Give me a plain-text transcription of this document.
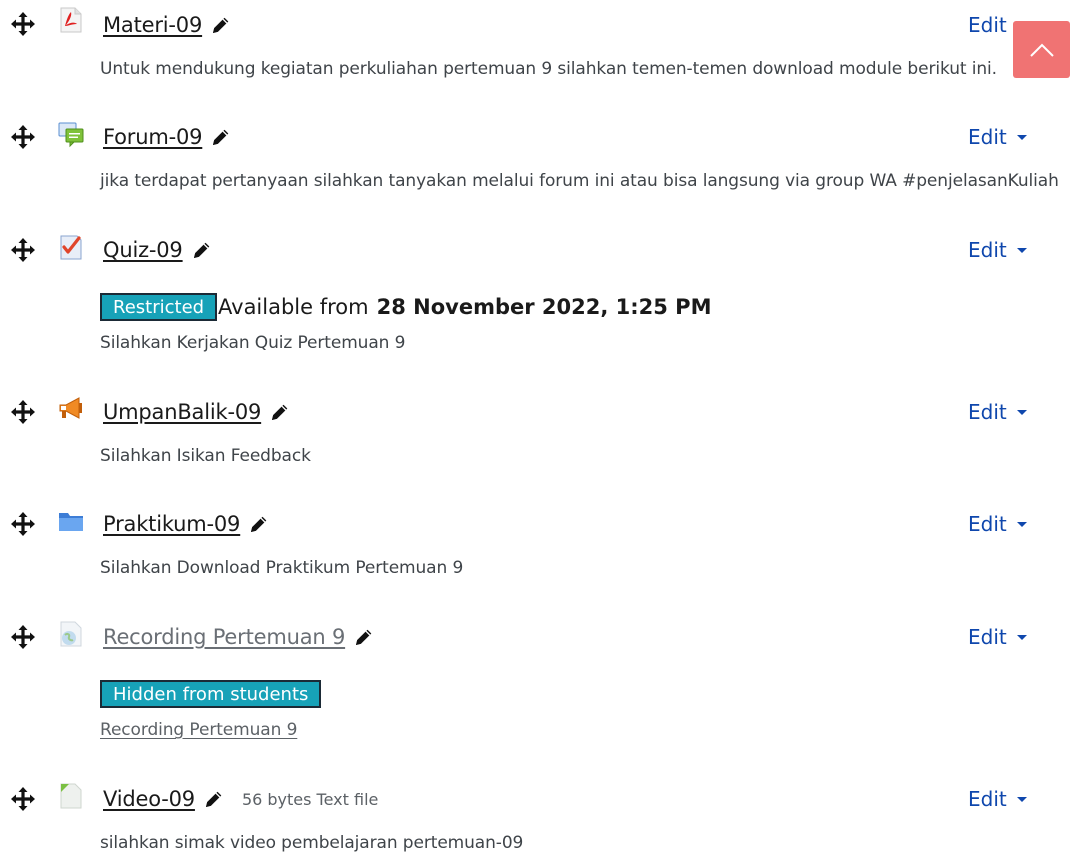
Materi-09	Edit
Untuk mendukung kegiatan perkuliahan pertemuan 9 silahkan temen-temen download module berikut ini.
Forum-09	Edit
jika terdapat pertanyaan silahkan tanyakan melalui forum ini atau bisa langsung via group WA #penjelasanKuliah
Quiz-09	Edit
Restricted Available from 28 November 2022, 1:25 PM
Silahkan Kerjakan Quiz Pertemuan 9
UmpanBalik-09	Edit
Silahkan Isikan Feedback
Praktikum-09	Edit
Silahkan Download Praktikum Pertemuan 9
Recording Pertemuan 9	Edit
Hidden from students
Recording Pertemuan 9
Video-09	56 bytes Text file	Edit
silahkan simak video pembelajaran pertemuan-09
